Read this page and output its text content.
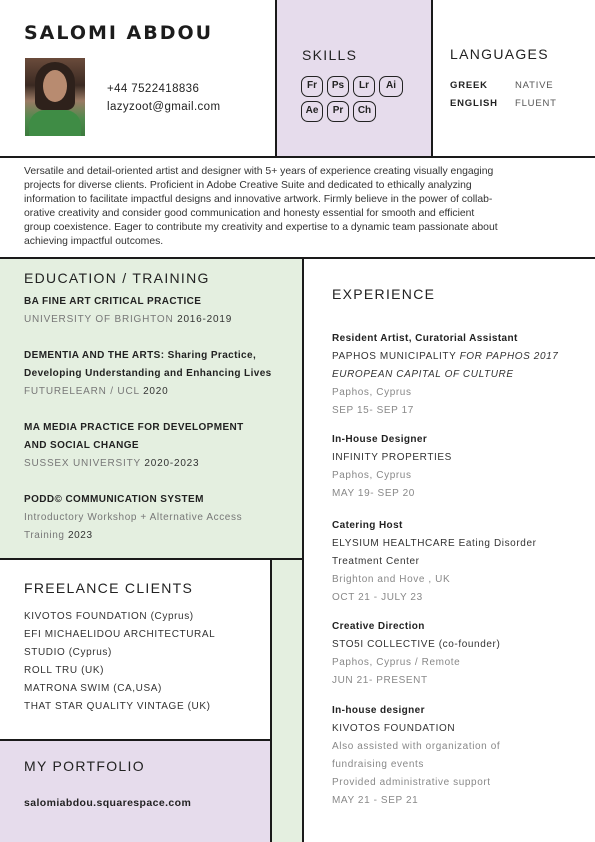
SALOMI ABDOU
+44 7522418836
lazyzoot@gmail.com
SKILLS
Fr	Ps	Lr	Ai
Ae	Pr	Ch
LANGUAGES
GREEK	NATIVE
ENGLISH FLUENT
Versatile and detail-oriented artist and designer with 5+ years of experience creating visually engaging
projects for diverse clients. Proficient in Adobe Creative Suite and dedicated to ethically analyzing
information to facilitate impactful designs and innovative artwork. Firmly believe in the power of collab-
orative creativity and consider good communication and honesty essential for smooth and efficient
group coexistence. Eager to contribute my creativity and expertise to a dynamic team passionate about
achieving impactful outcomes.
EDUCATION / TRAINING
BA FINE ART CRITICAL PRACTICE
UNIVERSITY OF BRIGHTON 2016-2019
DEMENTIA AND THE ARTS: Sharing Practice,
Developing Understanding and Enhancing Lives
FUTURELEARN / UCL 2020
MA MEDIA PRACTICE FOR DEVELOPMENT
AND SOCIAL CHANGE
SUSSEX UNIVERSITY 2020-2023
PODD© COMMUNICATION SYSTEM
Introductory Workshop + Alternative Access
Training 2023
FREELANCE CLIENTS
KIVOTOS FOUNDATION (Cyprus)
EFI MICHAELIDOU ARCHITECTURAL
STUDIO (Cyprus)
ROLL TRU (UK)
MATRONA SWIM (CA,USA)
THAT STAR QUALITY VINTAGE (UK)
MY PORTFOLIO
salomiabdou.squarespace.com
EXPERIENCE
Resident Artist, Curatorial Assistant
PAPHOS MUNICIPALITY FOR PAPHOS 2017
EUROPEAN CAPITAL OF CULTURE
Paphos, Cyprus
SEP 15- SEP 17
In-House Designer
INFINITY PROPERTIES
Paphos, Cyprus
MAY 19- SEP 20
Catering Host
ELYSIUM HEALTHCARE Eating Disorder
Treatment Center
Brighton and Hove , UK
OCT 21 - JULY 23
Creative Direction
STO5I COLLECTIVE (co-founder)
Paphos, Cyprus / Remote
JUN 21- PRESENT
In-house designer
KIVOTOS FOUNDATION
Also assisted with organization of
fundraising events
Provided administrative support
MAY 21 - SEP 21
